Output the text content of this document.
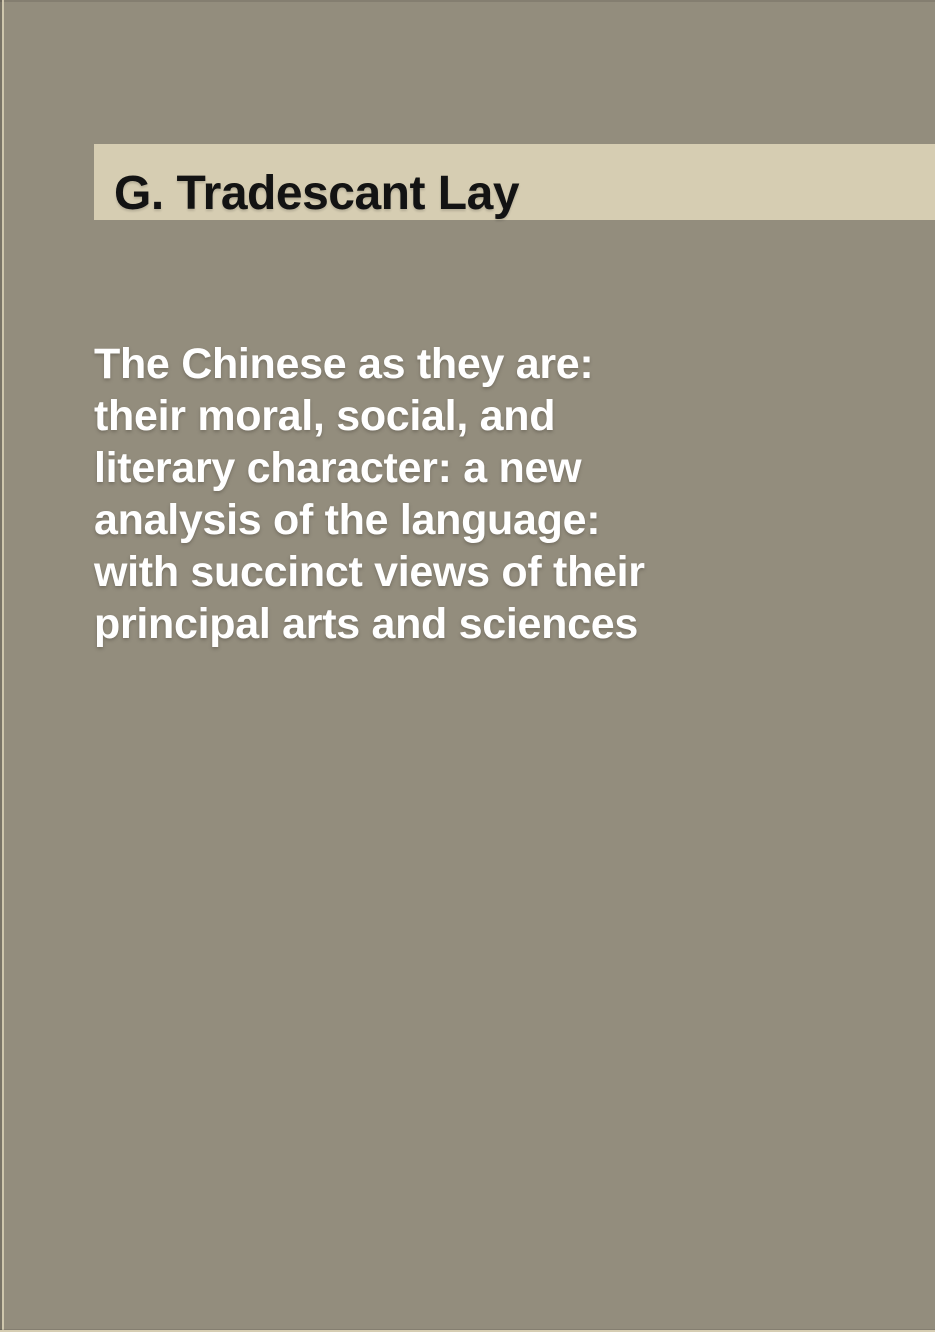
G. Tradescant Lay
The Chinese as they are:
their moral, social, and
literary character: a new
analysis of the language:
with succinct views of their
principal arts and sciences
